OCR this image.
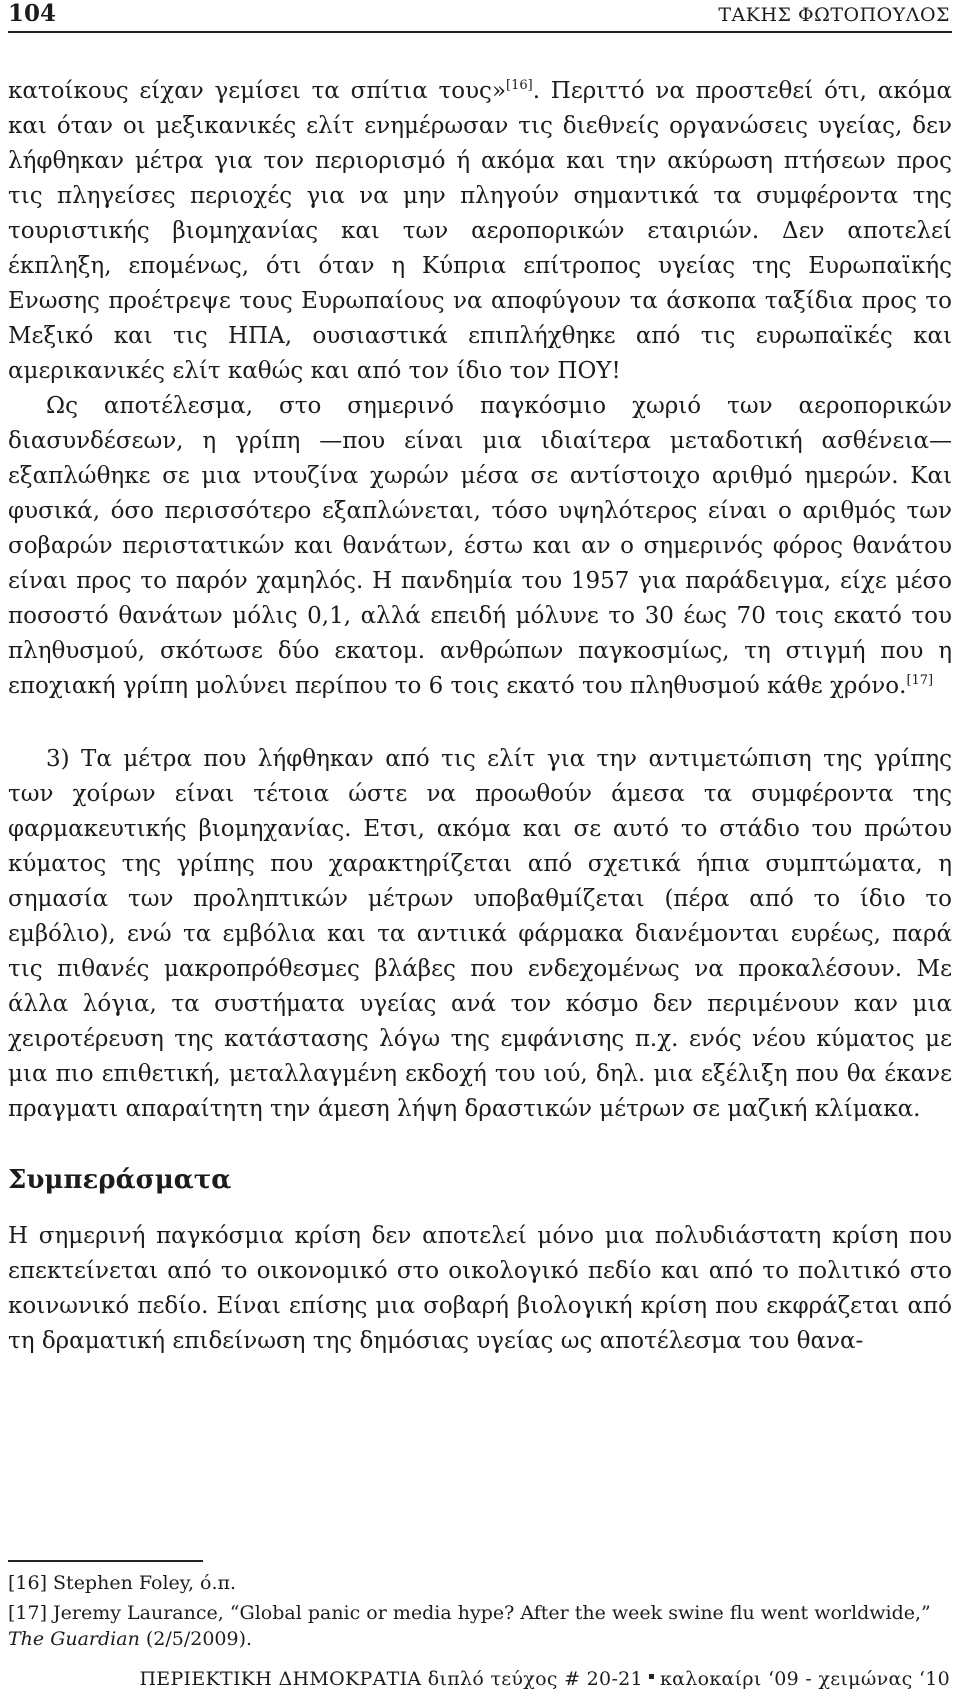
104	ΤΑΚΗΣ ΦΩΤΟΠΟΥΛΟΣ

κατοίκους είχαν γεμίσει τα σπίτια τους»[16]. Περιττό να προστεθεί ότι, ακόμα και όταν οι μεξικανικές ελίτ ενημέρωσαν τις διεθνείς οργανώσεις υγείας, δεν λήφθηκαν μέτρα για τον περιορισμό ή ακόμα και την ακύρωση πτήσεων προς τις πληγείσες περιοχές για να μην πληγούν σημαντικά τα συμφέροντα της τουριστικής βιομηχανίας και των αεροπορικών εταιριών. Δεν αποτελεί έκπληξη, επομένως, ότι όταν η Κύπρια επίτροπος υγείας της Ευρωπαϊκής Ενωσης προέτρεψε τους Ευρωπαίους να αποφύγουν τα άσκοπα ταξίδια προς το Μεξικό και τις ΗΠΑ, ουσιαστικά επιπλήχθηκε από τις ευρωπαϊκές και αμερικανικές ελίτ καθώς και από τον ίδιο τον ΠΟΥ!

Ως αποτέλεσμα, στο σημερινό παγκόσμιο χωριό των αεροπορικών διασυνδέσεων, η γρίπη —που είναι μια ιδιαίτερα μεταδοτική ασθένεια— εξαπλώθηκε σε μια ντουζίνα χωρών μέσα σε αντίστοιχο αριθμό ημερών. Και φυσικά, όσο περισσότερο εξαπλώνεται, τόσο υψηλότερος είναι ο αριθμός των σοβαρών περιστατικών και θανάτων, έστω και αν ο σημερινός φόρος θανάτου είναι προς το παρόν χαμηλός. Η πανδημία του 1957 για παράδειγμα, είχε μέσο ποσοστό θανάτων μόλις 0,1, αλλά επειδή μόλυνε το 30 έως 70 τοις εκατό του πληθυσμού, σκότωσε δύο εκατομ. ανθρώπων παγκοσμίως, τη στιγμή που η εποχιακή γρίπη μολύνει περίπου το 6 τοις εκατό του πληθυσμού κάθε χρόνο.[17]

3) Τα μέτρα που λήφθηκαν από τις ελίτ για την αντιμετώπιση της γρίπης των χοίρων είναι τέτοια ώστε να προωθούν άμεσα τα συμφέροντα της φαρμακευτικής βιομηχανίας. Ετσι, ακόμα και σε αυτό το στάδιο του πρώτου κύματος της γρίπης που χαρακτηρίζεται από σχετικά ήπια συμπτώματα, η σημασία των προληπτικών μέτρων υποβαθμίζεται (πέρα από το ίδιο το εμβόλιο), ενώ τα εμβόλια και τα αντιικά φάρμακα διανέμονται ευρέως, παρά τις πιθανές μακροπρόθεσμες βλάβες που ενδεχομένως να προκαλέσουν. Με άλλα λόγια, τα συστήματα υγείας ανά τον κόσμο δεν περιμένουν καν μια χειροτέρευση της κατάστασης λόγω της εμφάνισης π.χ. ενός νέου κύματος με μια πιο επιθετική, μεταλλαγμένη εκδοχή του ιού, δηλ. μια εξέλιξη που θα έκανε πραγματι απαραίτητη την άμεση λήψη δραστικών μέτρων σε μαζική κλίμακα.

Συμπεράσματα

Η σημερινή παγκόσμια κρίση δεν αποτελεί μόνο μια πολυδιάστατη κρίση που επεκτείνεται από το οικονομικό στο οικολογικό πεδίο και από το πολιτικό στο κοινωνικό πεδίο. Είναι επίσης μια σοβαρή βιολογική κρίση που εκφράζεται από τη δραματική επιδείνωση της δημόσιας υγείας ως αποτέλεσμα του θανα-

[16] Stephen Foley, ό.π.

[17] Jeremy Laurance, “Global panic or media hype? After the week swine flu went worldwide,” The Guardian (2/5/2009).

ΠΕΡΙΕΚΤΙΚΗ ΔΗΜΟΚΡΑΤΙΑ διπλό τεύχος # 20-21 καλοκαίρι ‘09 - χειμώνας ‘10
